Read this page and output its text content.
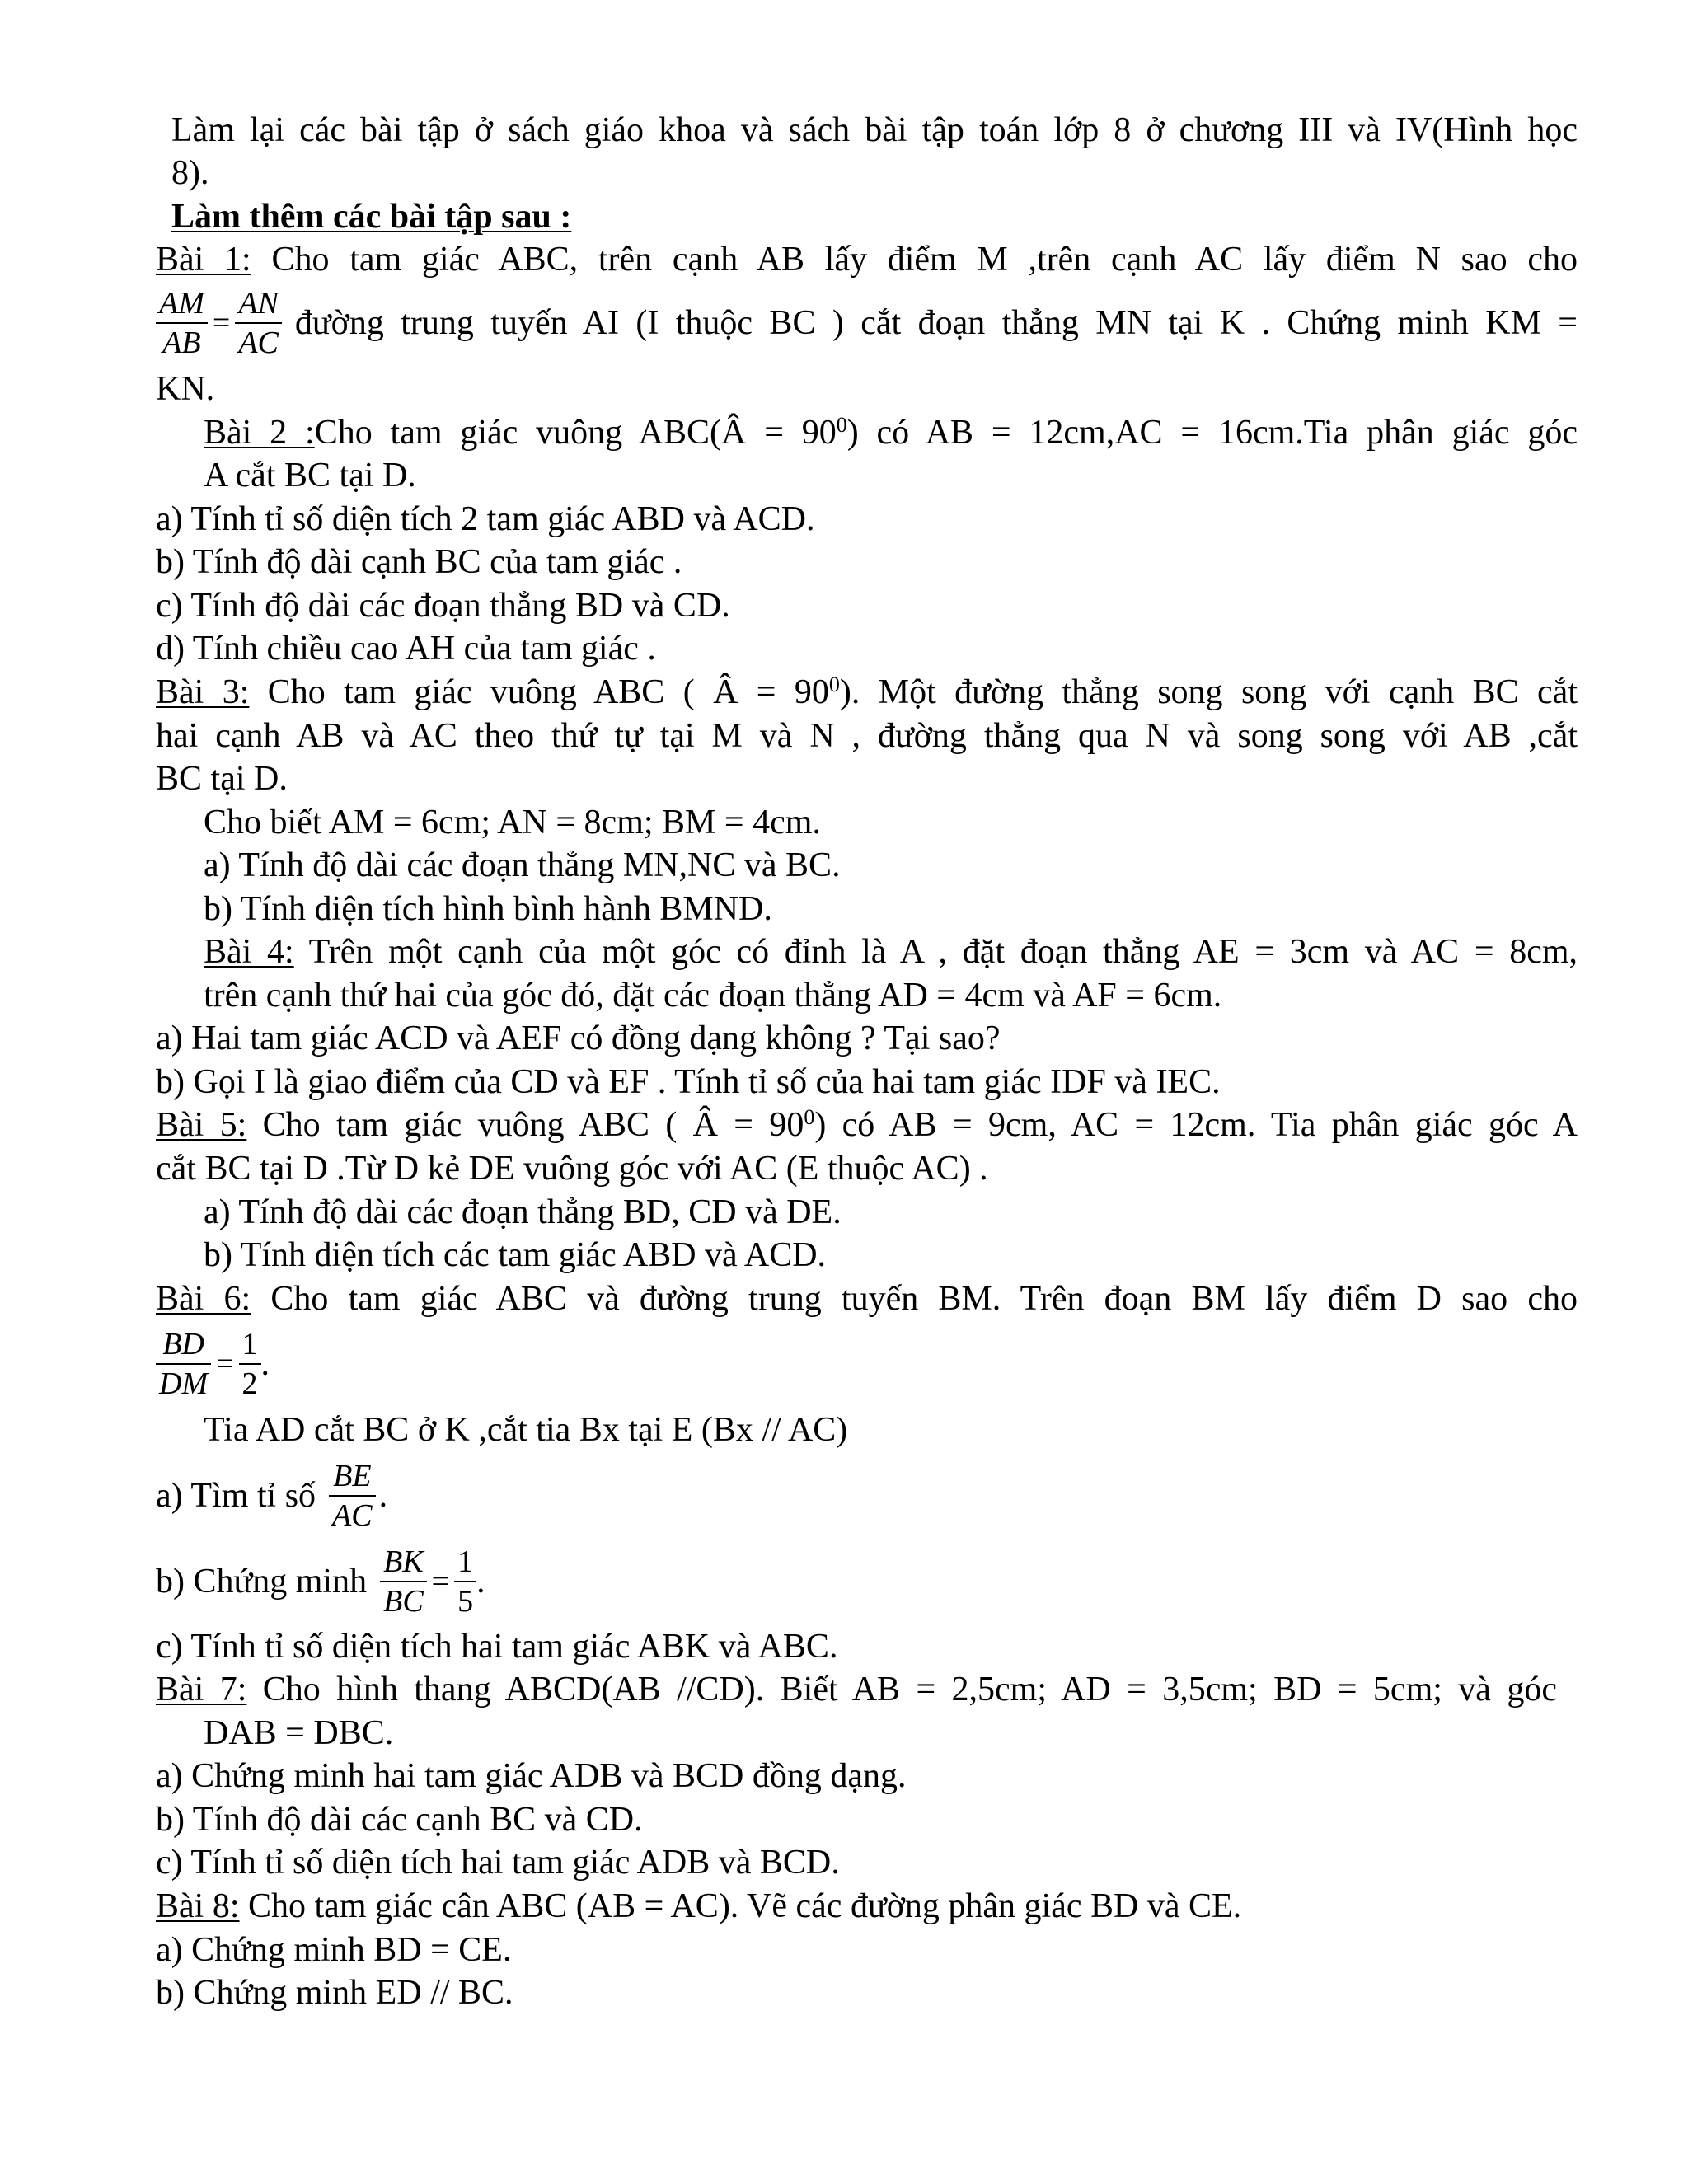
Làm lại các bài tập ở sách giáo khoa và sách bài tập toán lớp 8 ở chương III và IV(Hình học
8).
Làm thêm các bài tập sau :
Bài 1: Cho tam giác ABC, trên cạnh AB lấy điểm M ,trên cạnh AC lấy điểm N sao cho
$\frac{AM}{AB} = \frac{AN}{AC}$ đường trung tuyến AI (I thuộc BC ) cắt đoạn thẳng MN tại K . Chứng minh KM =
KN.
Bài 2 :Cho tam giác vuông ABC(Â = $90^0$) có AB = 12cm,AC = 16cm.Tia phân giác góc
A cắt BC tại D.
a) Tính tỉ số diện tích 2 tam giác ABD và ACD.
b) Tính độ dài cạnh BC của tam giác .
c) Tính độ dài các đoạn thẳng BD và CD.
d) Tính chiều cao AH của tam giác .
Bài 3: Cho tam giác vuông ABC ( Â = $90^0$). Một đường thẳng song song với cạnh BC cắt
hai cạnh AB và AC theo thứ tự tại M và N , đường thẳng qua N và song song với AB ,cắt
BC tại D.
Cho biết AM = 6cm; AN = 8cm; BM = 4cm.
a) Tính độ dài các đoạn thẳng MN,NC và BC.
b) Tính diện tích hình bình hành BMND.
Bài 4: Trên một cạnh của một góc có đỉnh là A , đặt đoạn thẳng AE = 3cm và AC = 8cm,
trên cạnh thứ hai của góc đó, đặt các đoạn thẳng AD = 4cm và AF = 6cm.
a) Hai tam giác ACD và AEF có đồng dạng không ? Tại sao?
b) Gọi I là giao điểm của CD và EF . Tính tỉ số của hai tam giác IDF và IEC.
Bài 5: Cho tam giác vuông ABC ( Â = $90^0$) có AB = 9cm, AC = 12cm. Tia phân giác góc A
cắt BC tại D .Từ D kẻ DE vuông góc với AC (E thuộc AC) .
a) Tính độ dài các đoạn thẳng BD, CD và DE.
b) Tính diện tích các tam giác ABD và ACD.
Bài 6: Cho tam giác ABC và đường trung tuyến BM. Trên đoạn BM lấy điểm D sao cho
$\frac{BD}{DM} = \frac{1}{2}$ .
Tia AD cắt BC ở K ,cắt tia Bx tại E (Bx // AC)
a) Tìm tỉ số $\frac{BE}{AC}$ .
b) Chứng minh $\frac{BK}{BC} = \frac{1}{5}$ .
c) Tính tỉ số diện tích hai tam giác ABK và ABC.
Bài 7: Cho hình thang ABCD(AB //CD). Biết AB = 2,5cm; AD = 3,5cm; BD = 5cm; và góc
DAB = DBC.
a) Chứng minh hai tam giác ADB và BCD đồng dạng.
b) Tính độ dài các cạnh BC và CD.
c) Tính tỉ số diện tích hai tam giác ADB và BCD.
Bài 8: Cho tam giác cân ABC (AB = AC). Vẽ các đường phân giác BD và CE.
a) Chứng minh BD = CE.
b) Chứng minh ED // BC.
